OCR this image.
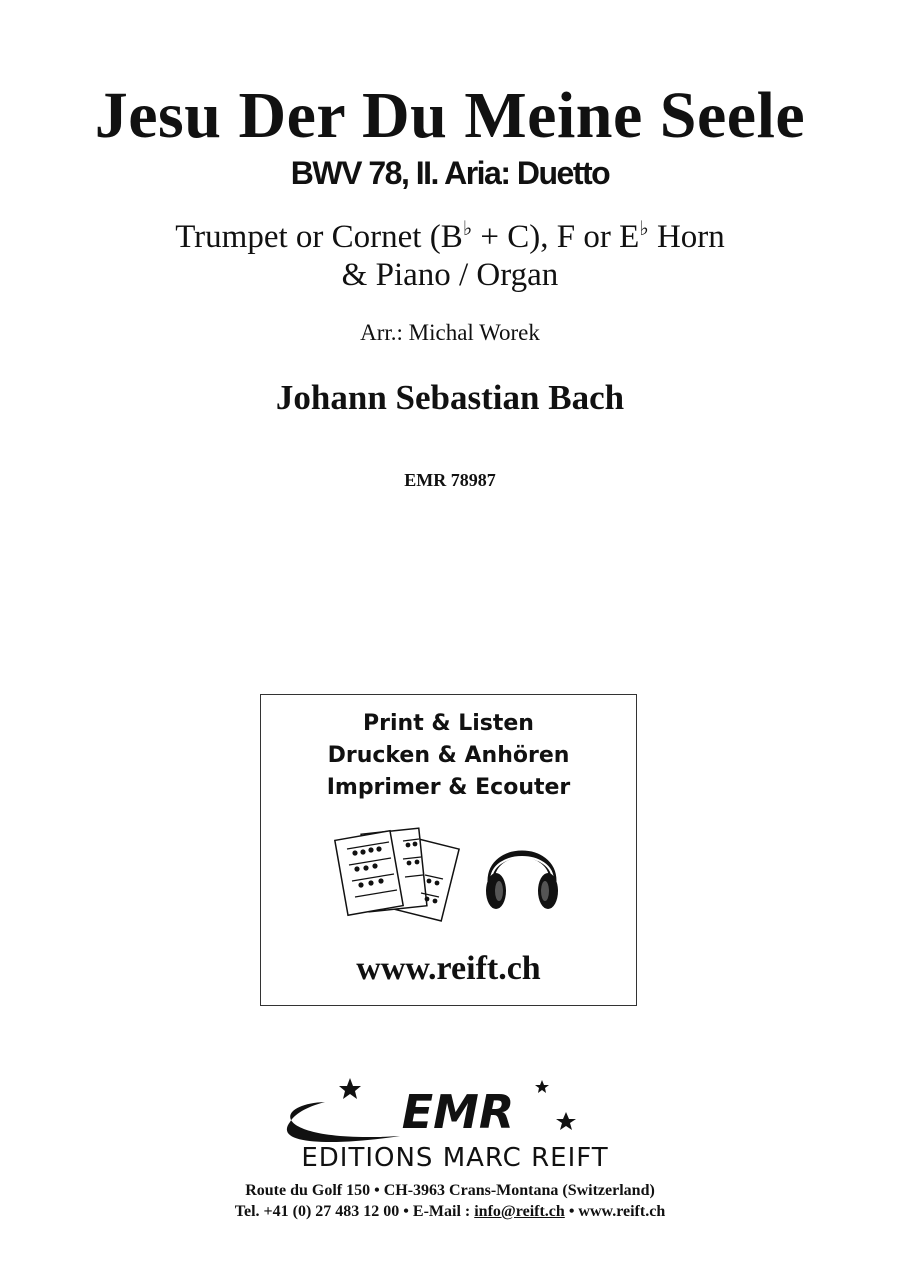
Jesu Der Du Meine Seele
BWV 78, II. Aria: Duetto
Trumpet or Cornet (B♭ + C), F or E♭ Horn
& Piano / Organ
Arr.: Michal Worek
Johann Sebastian Bach
EMR 78987
Print & Listen
Drucken & Anhören
Imprimer & Ecouter
www.reift.ch
EMR
EDITIONS MARC REIFT
Route du Golf 150 • CH-3963 Crans-Montana (Switzerland)
Tel. +41 (0) 27 483 12 00 • E-Mail : info@reift.ch • www.reift.ch
